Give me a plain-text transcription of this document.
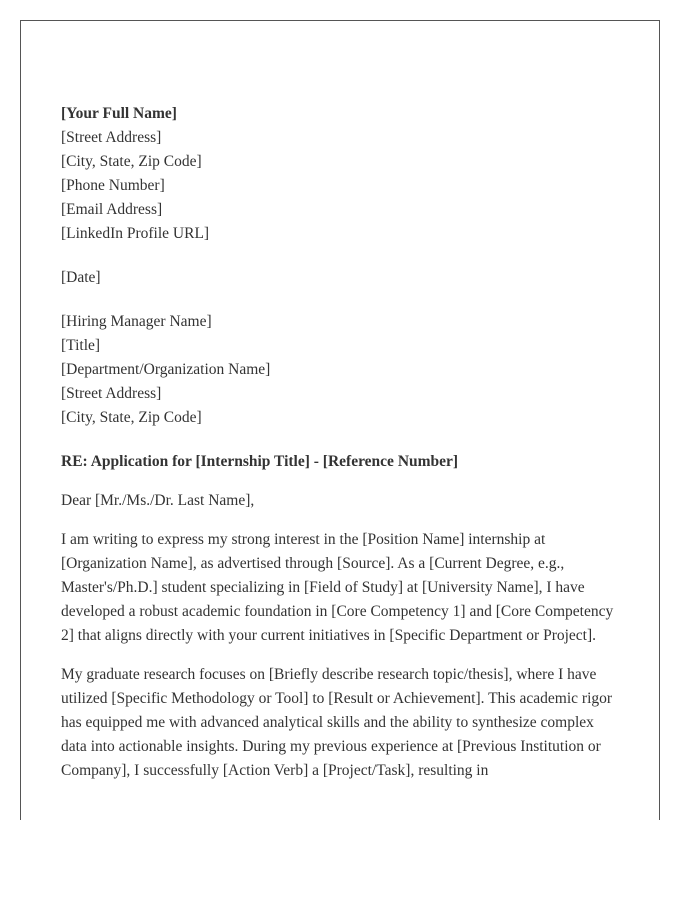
[Your Full Name]
[Street Address]
[City, State, Zip Code]
[Phone Number]
[Email Address]
[LinkedIn Profile URL]
[Date]
[Hiring Manager Name]
[Title]
[Department/Organization Name]
[Street Address]
[City, State, Zip Code]
RE: Application for [Internship Title] - [Reference Number]
Dear [Mr./Ms./Dr. Last Name],

I am writing to express my strong interest in the [Position Name] internship at [Organization Name], as advertised through [Source]. As a [Current Degree, e.g., Master's/Ph.D.] student specializing in [Field of Study] at [University Name], I have developed a robust academic foundation in [Core Competency 1] and [Core Competency 2] that aligns directly with your current initiatives in [Specific Department or Project].

My graduate research focuses on [Briefly describe research topic/thesis], where I have utilized [Specific Methodology or Tool] to [Result or Achievement]. This academic rigor has equipped me with advanced analytical skills and the ability to synthesize complex data into actionable insights. During my previous experience at [Previous Institution or Company], I successfully [Action Verb] a [Project/Task], resulting in
